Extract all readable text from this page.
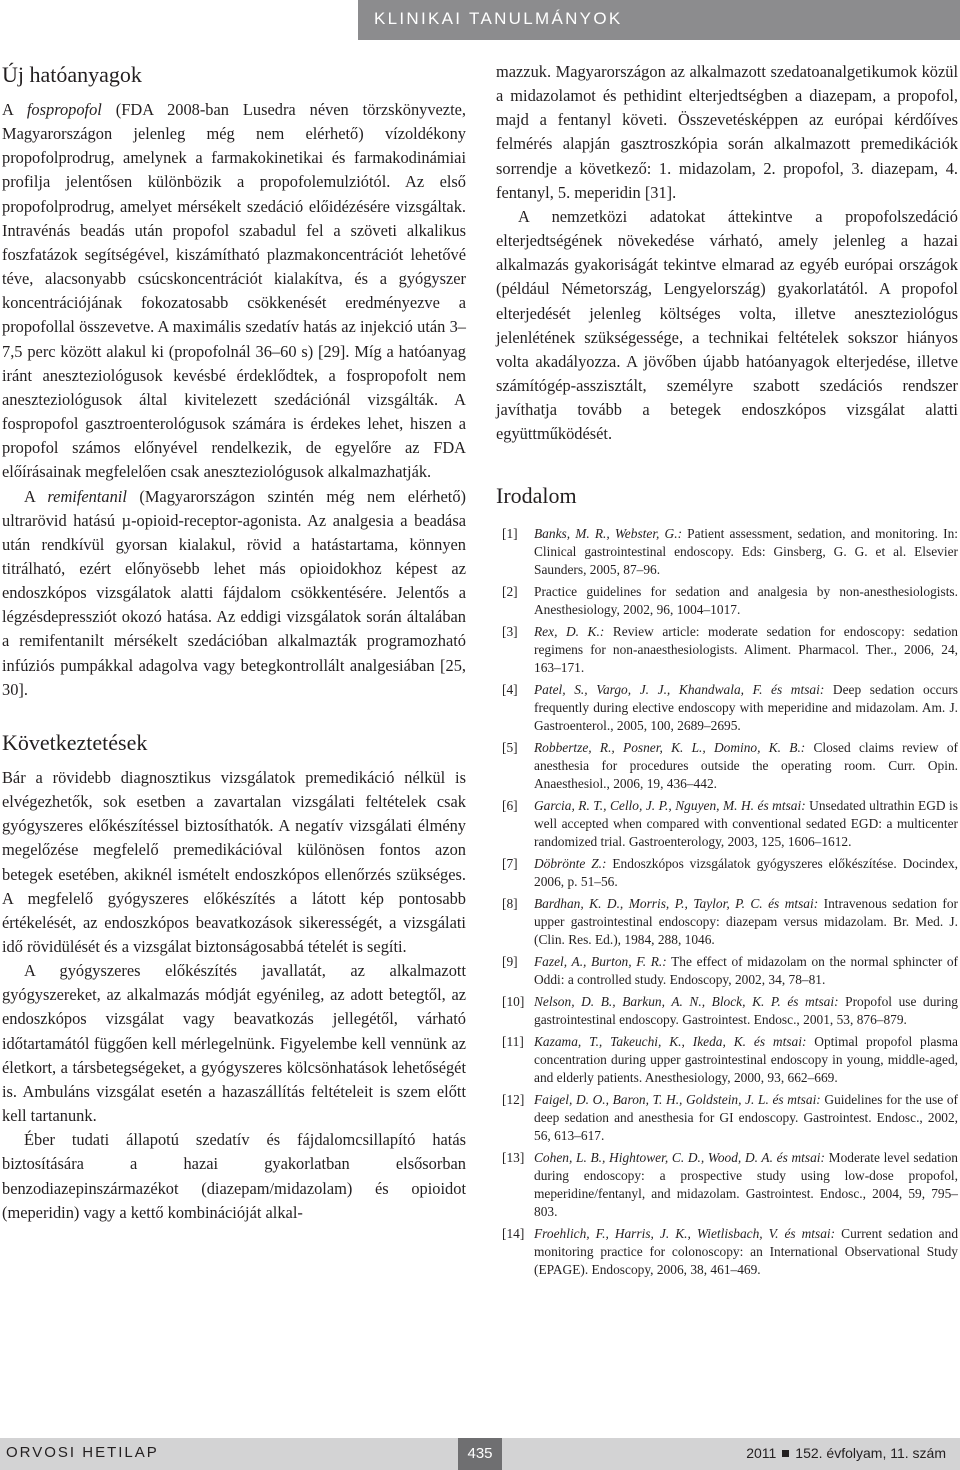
KLINIKAI TANULMÁNYOK
Új hatóanyagok

A fospropofol (FDA 2008-ban Lusedra néven törzskönyvezte, Magyarországon jelenleg még nem elérhető) vízoldékony propofolprodrug, amelynek a farmakokinetikai és farmakodinámiai profilja jelentősen különbözik a propofolemulziótól. Az első propofolprodrug, amelyet mérsékelt szedáció előidézésére vizsgáltak. Intravénás beadás után propofol szabadul fel a szöveti alkalikus foszfatázok segítségével, kiszámítható plazmakoncentrációt lehetővé téve, alacsonyabb csúcskoncentrációt kialakítva, és a gyógyszer koncentrációjának fokozatosabb csökkenését eredményezve a propofollal összevetve. A maximális szedatív hatás az injekció után 3–7,5 perc között alakul ki (propofolnál 36–60 s) [29]. Míg a hatóanyag iránt aneszteziológusok kevésbé érdeklődtek, a fospropofolt nem aneszteziológusok által kivitelezett szedációnál vizsgálták. A fospropofol gasztroenterológusok számára is érdekes lehet, hiszen a propofol számos előnyével rendelkezik, de egyelőre az FDA előírásainak megfelelően csak aneszteziológusok alkalmazhatják.

A remifentanil (Magyarországon szintén még nem elérhető) ultrarövid hatású µ-opioid-receptor-agonista. Az analgesia a beadása után rendkívül gyorsan kialakul, rövid a hatástartama, könnyen titrálható, ezért előnyösebb lehet más opioidokhoz képest az endoszkópos vizsgálatok alatti fájdalom csökkentésére. Jelentős a légzésdepressziót okozó hatása. Az eddigi vizsgálatok során általában a remifentanilt mérsékelt szedációban alkalmazták programozható infúziós pumpákkal adagolva vagy betegkontrollált analgesiában [25, 30].

Következtetések

Bár a rövidebb diagnosztikus vizsgálatok premedikáció nélkül is elvégezhetők, sok esetben a zavartalan vizsgálati feltételek csak gyógyszeres előkészítéssel biztosíthatók. A negatív vizsgálati élmény megelőzése megfelelő premedikációval különösen fontos azon betegek esetében, akiknél ismételt endoszkópos ellenőrzés szükséges. A megfelelő gyógyszeres előkészítés a látott kép pontosabb értékelését, az endoszkópos beavatkozások sikerességét, a vizsgálati idő rövidülését és a vizsgálat biztonságosabbá tételét is segíti.

A gyógyszeres előkészítés javallatát, az alkalmazott gyógyszereket, az alkalmazás módját egyénileg, az adott betegtől, az endoszkópos vizsgálat vagy beavatkozás jellegétől, várható időtartamától függően kell mérlegelnünk. Figyelembe kell vennünk az életkort, a társbetegségeket, a gyógyszeres kölcsönhatások lehetőségét is. Ambuláns vizsgálat esetén a hazaszállítás feltételeit is szem előtt kell tartanunk.

Éber tudati állapotú szedatív és fájdalomcsillapító hatás biztosítására a hazai gyakorlatban elsősorban benzodiazepinszármazékot (diazepam/midazolam) és opioidot (meperidin) vagy a kettő kombinációját alkal-

mazzuk. Magyarországon az alkalmazott szedatoanalgetikumok közül a midazolamot és pethidint elterjedtségben a diazepam, a propofol, majd a fentanyl követi. Összevetésképpen az európai kérdőíves felmérés alapján gasztroszkópia során alkalmazott premedikációk sorrendje a következő: 1. midazolam, 2. propofol, 3. diazepam, 4. fentanyl, 5. meperidin [31].

A nemzetközi adatokat áttekintve a propofolszedáció elterjedtségének növekedése várható, amely jelenleg a hazai alkalmazás gyakoriságát tekintve elmarad az egyéb európai országok (például Németország, Lengyelország) gyakorlatától. A propofol elterjedését jelenleg költséges volta, illetve aneszteziológus jelenlétének szükségessége, a technikai feltételek sokszor hiányos volta akadályozza. A jövőben újabb hatóanyagok elterjedése, illetve számítógép-asszisztált, személyre szabott szedációs rendszer javíthatja tovább a betegek endoszkópos vizsgálat alatti együttműködését.

Irodalom
[1] Banks, M. R., Webster, G.: Patient assessment, sedation, and monitoring. In: Clinical gastrointestinal endoscopy. Eds: Ginsberg, G. G. et al. Elsevier Saunders, 2005, 87–96.
[2] Practice guidelines for sedation and analgesia by non-anesthesiologists. Anesthesiology, 2002, 96, 1004–1017.
[3] Rex, D. K.: Review article: moderate sedation for endoscopy: sedation regimens for non-anaesthesiologists. Aliment. Pharmacol. Ther., 2006, 24, 163–171.
[4] Patel, S., Vargo, J. J., Khandwala, F. és mtsai: Deep sedation occurs frequently during elective endoscopy with meperidine and midazolam. Am. J. Gastroenterol., 2005, 100, 2689–2695.
[5] Robbertze, R., Posner, K. L., Domino, K. B.: Closed claims review of anesthesia for procedures outside the operating room. Curr. Opin. Anaesthesiol., 2006, 19, 436–442.
[6] Garcia, R. T., Cello, J. P., Nguyen, M. H. és mtsai: Unsedated ultrathin EGD is well accepted when compared with conventional sedated EGD: a multicenter randomized trial. Gastroenterology, 2003, 125, 1606–1612.
[7] Döbrönte Z.: Endoszkópos vizsgálatok gyógyszeres előkészítése. Docindex, 2006, p. 51–56.
[8] Bardhan, K. D., Morris, P., Taylor, P. C. és mtsai: Intravenous sedation for upper gastrointestinal endoscopy: diazepam versus midazolam. Br. Med. J. (Clin. Res. Ed.), 1984, 288, 1046.
[9] Fazel, A., Burton, F. R.: The effect of midazolam on the normal sphincter of Oddi: a controlled study. Endoscopy, 2002, 34, 78–81.
[10] Nelson, D. B., Barkun, A. N., Block, K. P. és mtsai: Propofol use during gastrointestinal endoscopy. Gastrointest. Endosc., 2001, 53, 876–879.
[11] Kazama, T., Takeuchi, K., Ikeda, K. és mtsai: Optimal propofol plasma concentration during upper gastrointestinal endoscopy in young, middle-aged, and elderly patients. Anesthesiology, 2000, 93, 662–669.
[12] Faigel, D. O., Baron, T. H., Goldstein, J. L. és mtsai: Guidelines for the use of deep sedation and anesthesia for GI endoscopy. Gastrointest. Endosc., 2002, 56, 613–617.
[13] Cohen, L. B., Hightower, C. D., Wood, D. A. és mtsai: Moderate level sedation during endoscopy: a prospective study using low-dose propofol, meperidine/fentanyl, and midazolam. Gastrointest. Endosc., 2004, 59, 795–803.
[14] Froehlich, F., Harris, J. K., Wietlisbach, V. és mtsai: Current sedation and monitoring practice for colonoscopy: an International Observational Study (EPAGE). Endoscopy, 2006, 38, 461–469.
ORVOSI HETILAP	435	2011 152. évfolyam, 11. szám
